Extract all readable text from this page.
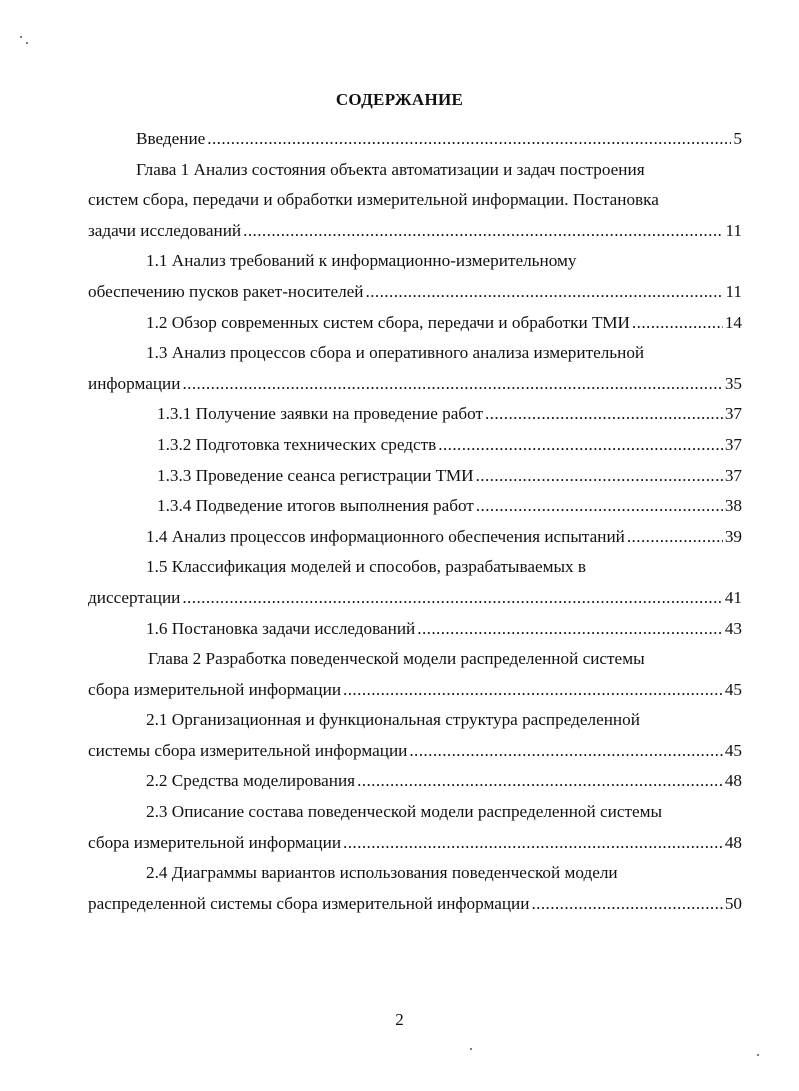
СОДЕРЖАНИЕ
Введение .....	5
Глава 1 Анализ состояния объекта автоматизации и задач построения
систем сбора, передачи и обработки измерительной информации. Постановка
задачи исследований .....	11
1.1 Анализ требований к информационно-измерительному
обеспечению пусков ракет-носителей .....	11
1.2 Обзор современных систем сбора, передачи и обработки ТМИ .....	14
1.3 Анализ процессов сбора и оперативного анализа измерительной
информации .....	35
1.3.1 Получение заявки на проведение работ .....	37
1.3.2 Подготовка технических средств .....	37
1.3.3 Проведение сеанса регистрации ТМИ .....	37
1.3.4 Подведение итогов выполнения работ .....	38
1.4 Анализ процессов информационного обеспечения испытаний .....	39
1.5 Классификация моделей и способов, разрабатываемых в
диссертации .....	41
1.6 Постановка задачи исследований .....	43
Глава 2 Разработка поведенческой модели распределенной системы
сбора измерительной информации .....	45
2.1 Организационная и функциональная структура распределенной
системы сбора измерительной информации .....	45
2.2 Средства моделирования .....	48
2.3 Описание состава поведенческой модели распределенной системы
сбора измерительной информации .....	48
2.4 Диаграммы вариантов использования поведенческой модели
распределенной системы сбора измерительной информации .....	50
2
